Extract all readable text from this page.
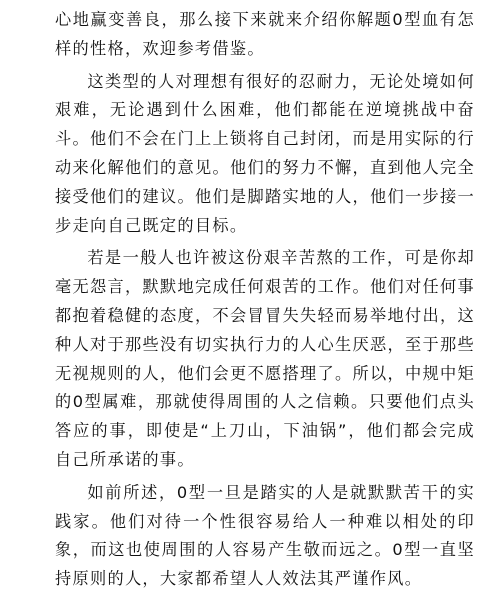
心地赢变善良，那么接下来就来介绍你解题0型血有怎样的性格，欢迎参考借鉴。

这类型的人对理想有很好的忍耐力，无论处境如何艰难，无论遇到什么困难，他们都能在逆境挑战中奋斗。他们不会在门上上锁将自己封闭，而是用实际的行动来化解他们的意见。他们的努力不懈，直到他人完全接受他们的建议。他们是脚踏实地的人，他们一步接一步走向自己既定的目标。

若是一般人也许被这份艰辛苦熬的工作，可是你却毫无怨言，默默地完成任何艰苦的工作。他们对任何事都抱着稳健的态度，不会冒冒失失轻而易举地付出，这种人对于那些没有切实执行力的人心生厌恶，至于那些无视规则的人，他们会更不愿搭理了。所以，中规中矩的0型属难，那就使得周围的人之信赖。只要他们点头答应的事，即使是“上刀山，下油锅”，他们都会完成自己所承诺的事。

如前所述，0型一旦是踏实的人是就默默苦干的实践家。他们对待一个性很容易给人一种难以相处的印象，而这也使周围的人容易产生敬而远之。0型一直坚持原则的人，大家都希望人人效法其严谨作风。
